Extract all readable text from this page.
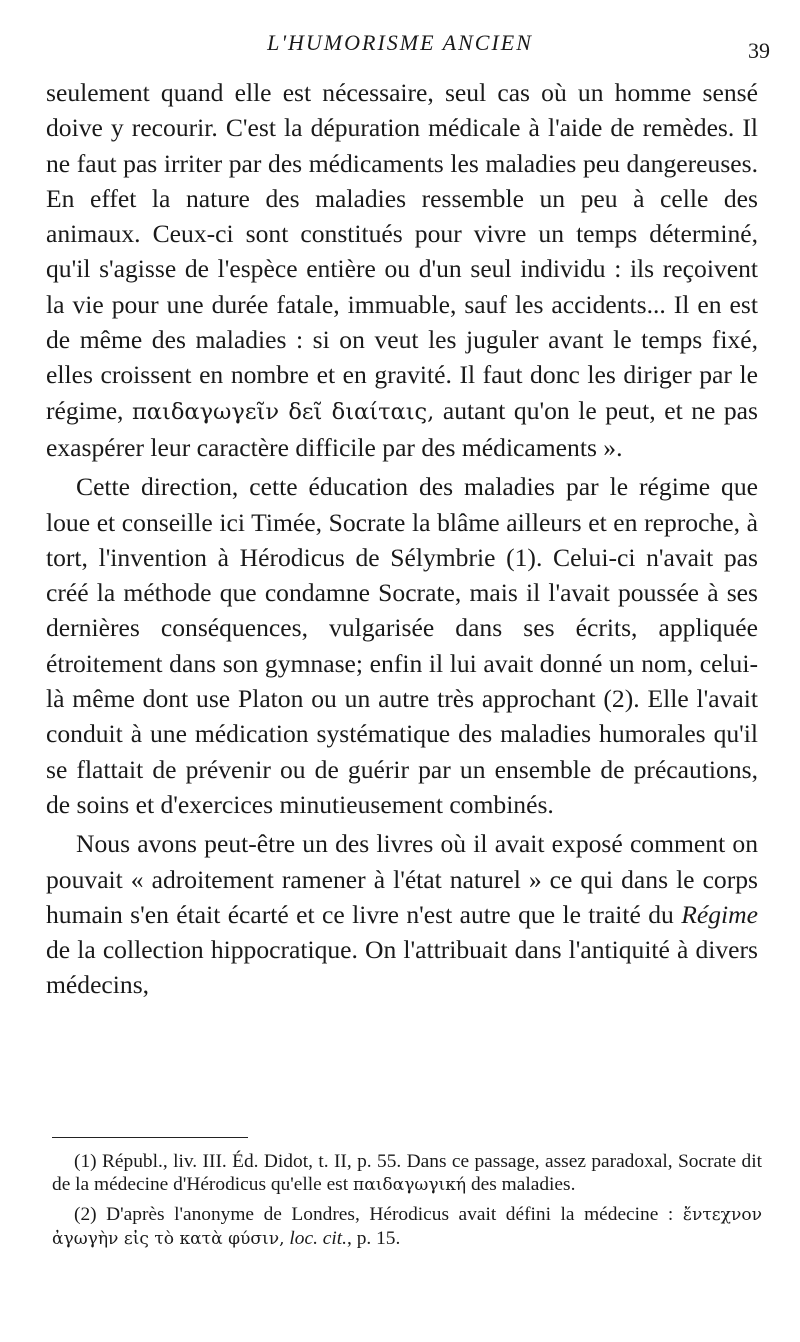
L'HUMORISME ANCIEN	39

seulement quand elle est nécessaire, seul cas où un homme sensé doive y recourir. C'est la dépuration médicale à l'aide de remèdes. Il ne faut pas irriter par des médicaments les maladies peu dangereuses. En effet la nature des maladies ressemble un peu à celle des animaux. Ceux-ci sont constitués pour vivre un temps déterminé, qu'il s'agisse de l'espèce entière ou d'un seul individu : ils reçoivent la vie pour une durée fatale, immuable, sauf les accidents... Il en est de même des maladies : si on veut les juguler avant le temps fixé, elles croissent en nombre et en gravité. Il faut donc les diriger par le régime, παιδαγωγεῖν δεῖ διαίταις, autant qu'on le peut, et ne pas exaspérer leur caractère difficile par des médicaments ».

Cette direction, cette éducation des maladies par le régime que loue et conseille ici Timée, Socrate la blâme ailleurs et en reproche, à tort, l'invention à Hérodicus de Sélymbrie (1). Celui-ci n'avait pas créé la méthode que condamne Socrate, mais il l'avait poussée à ses dernières conséquences, vulgarisée dans ses écrits, appliquée étroitement dans son gymnase; enfin il lui avait donné un nom, celui-là même dont use Platon ou un autre très approchant (2). Elle l'avait conduit à une médication systématique des maladies humorales qu'il se flattait de prévenir ou de guérir par un ensemble de précautions, de soins et d'exercices minutieusement combinés.

Nous avons peut-être un des livres où il avait exposé comment on pouvait « adroitement ramener à l'état naturel » ce qui dans le corps humain s'en était écarté et ce livre n'est autre que le traité du Régime de la collection hippocratique. On l'attribuait dans l'antiquité à divers médecins,

(1) Républ., liv. III. Éd. Didot, t. II, p. 55. Dans ce passage, assez paradoxal, Socrate dit de la médecine d'Hérodicus qu'elle est παιδαγωγική des maladies.

(2) D'après l'anonyme de Londres, Hérodicus avait défini la médecine : ἔντεχνον ἀγωγὴν εἰς τὸ κατὰ φύσιν, loc. cit., p. 15.
